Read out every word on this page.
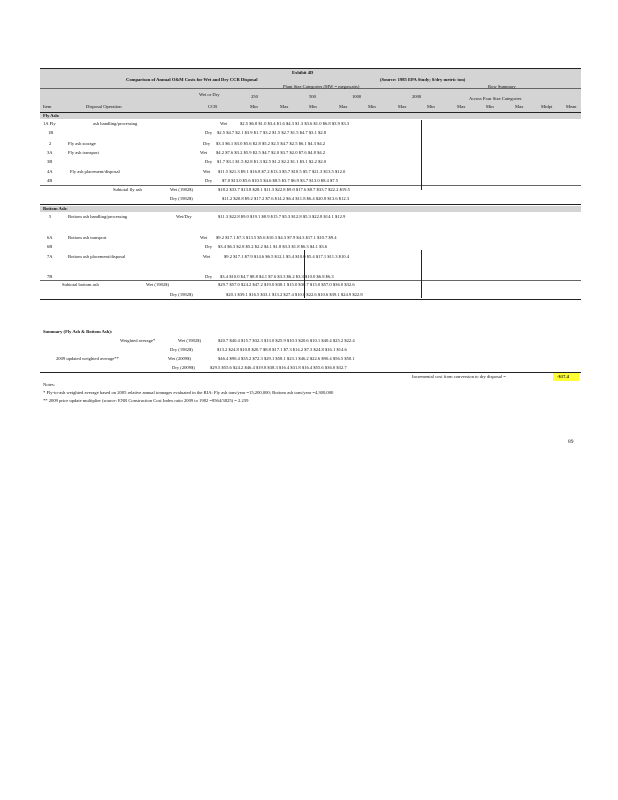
Exhibit 4D
Comparison of Annual O&M Costs for Wet and Dry CCR Disposal	(Source: 1985 EPA Study; $/dry metric ton)
Plant Size Categories (MW = megawatts)	Row Summary
Wet or Dry
CCR
250	500	1000	2000	Across Four Size Categories
Item	Disposal Operation	Min	Max	Min	Max	Min	Max	Min	Max	Min	Max	Midpt	Mean
Fly Ash:
1A Fly	ash handling/processing	Wet	$2.5 $6.8 $1.0 $3.4 $1.6 $4.3 $1.3 $3.6 $1.0 $6.8 $3.9 $3.3
1B	Dry $2.5 $4.7 $2.1 $3.9 $1.7 $3.2 $1.5 $2.7 $1.5 $4.7 $3.1 $2.8
2	Fly ash storage	Dry $3.3 $6.1 $3.0 $5.6 $2.8 $5.2 $2.5 $4.7 $2.5 $6.1 $4.3 $4.2
3A	Fly ash transport	Wet $4.2 $7.6 $3.2 $5.9 $2.5 $4.7 $2.0 $3.7 $2.0 $7.6 $4.8 $4.2
3B	Dry $1.7 $3.1 $1.5 $2.8 $1.3 $2.5 $1.2 $2.2 $1.1 $3.1 $2.2 $2.0
4A	Fly ash placement/disposal	Wet $11.5 $21.3 $9.1 $16.8 $7.2 $13.3 $5.7 $10.5 $5.7 $21.3 $13.5 $12.0
4B	Dry $7.0 $13.0 $5.6 $10.5 $4.6 $8.5 $3.7 $6.9 $3.7 $13.0 $8.4 $7.5
Subtotal fly ash	Wet (1982$)	$18.2 $33.7 $13.8 $28.1 $11.3 $22.8 $9.0 $17.6 $8.7 $33.7 $22.2 $19.5
Dry (1982$)	$11.2 $20.8 $9.2 $17.2 $7.6 $14.2 $6.4 $11.8 $6.4 $20.8 $13.6 $12.3
Bottom Ash:
5	Bottom ash handling/processing	Wet/Dry	$11.3 $22.8 $9.0 $19.1 $8.9 $15.7 $5.3 $12.8 $5.3 $22.8 $14.1 $12.9
6A	Bottom ash transport	Wet $9.2 $17.1 $7.3 $13.5 $5.6 $10.3 $4.3 $7.9 $4.3 $17.1 $10.7 $9.4
6B	Dry $3.4 $6.3 $2.8 $5.2 $2.2 $4.1 $1.8 $3.3 $1.8 $6.3 $4.1 $3.6
7A	Bottom ash placement/disposal	Wet	$9.2 $17.1 $7.9 $14.6 $6.5 $12.1 $5.4 $10.0 $5.4 $17.1 $11.3 $10.4
7B	Dry $3.4 $10.0 $4.7 $8.8 $4.1 $7.6 $3.3 $6.2 $3.3 $10.0 $6.8 $6.3
Subtotal bottom ash	Wet (1982$)	$29.7 $57.0 $24.2 $47.2 $19.0 $38.1 $15.0 $30.7 $15.0 $57.0 $36.0 $32.6
Dry (1982$)	$20.1 $39.1 $16.5 $33.1 $13.2 $27.4 $10.6 $22.6 $10.6 $39.1 $24.9 $22.8
Summary (Fly Ash & Bottom Ash):
Weighted average*	Wet (1982$)	$20.7 $40.4 $15.7 $32.3 $13.0 $25.9 $10.3 $20.6 $10.1 $40.4 $25.2 $22.4
Dry (1982$)	$13.2 $24.8 $10.8 $20.7 $8.8 $17.1 $7.3 $14.2 $7.3 $24.8 $16.1 $14.6
2009 updated weighted average**	Wet (2009$)	$46.4 $90.4 $35.2 $72.3 $29.1 $58.1 $23.1 $46.2 $22.6 $90.4 $56.5 $50.1
Dry (2009$)	$29.5 $55.6 $24.2 $46.4 $19.8 $38.3 $16.4 $31.8 $16.4 $55.6 $36.0 $32.7
Incremental cost from conversion to dry disposal =	-$17.4
Notes:
* Fly-to-ash weighted average based on 2005 relative annual tonnages evaluated in the RIA: Fly ash tons/year =15,200,000; Bottom ash tons/year =4,300,000
** 2009 price update multiplier (source: ENR Construction Cost Index ratio 2009 to 1982 =8564/3825) = 2.239
89
